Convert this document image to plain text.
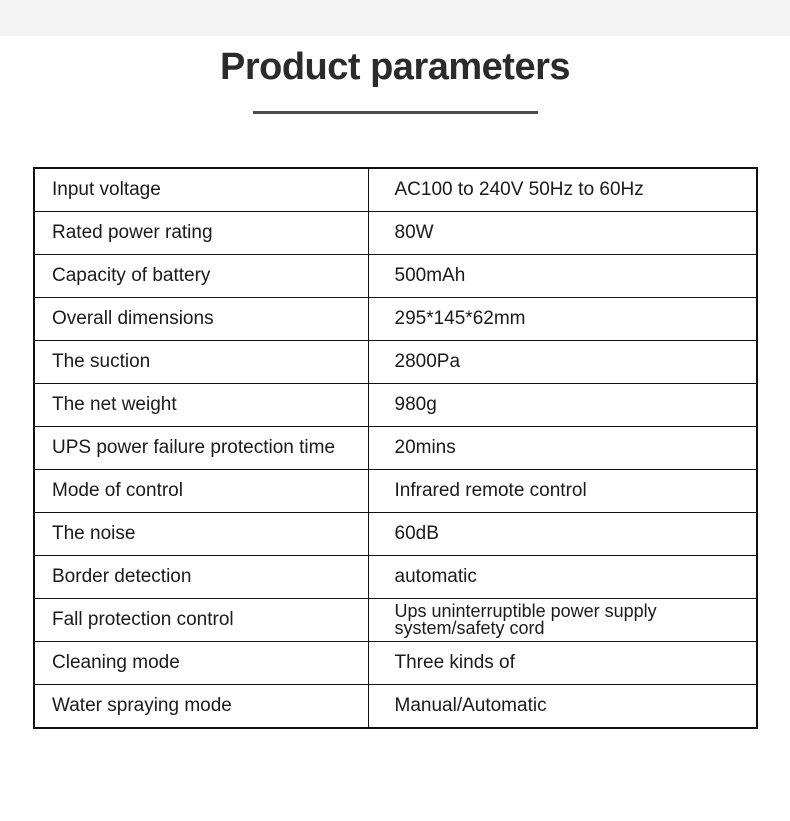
Product parameters
Input voltage	AC100 to 240V 50Hz to 60Hz
Rated power rating	80W
Capacity of battery	500mAh
Overall dimensions	295*145*62mm
The suction	2800Pa
The net weight	980g
UPS power failure protection time	20mins
Mode of control	Infrared remote control
The noise	60dB
Border detection	automatic
Fall protection control	Ups uninterruptible power supply system/safety cord

Cleaning mode	Three kinds of
Water spraying mode	Manual/Automatic
